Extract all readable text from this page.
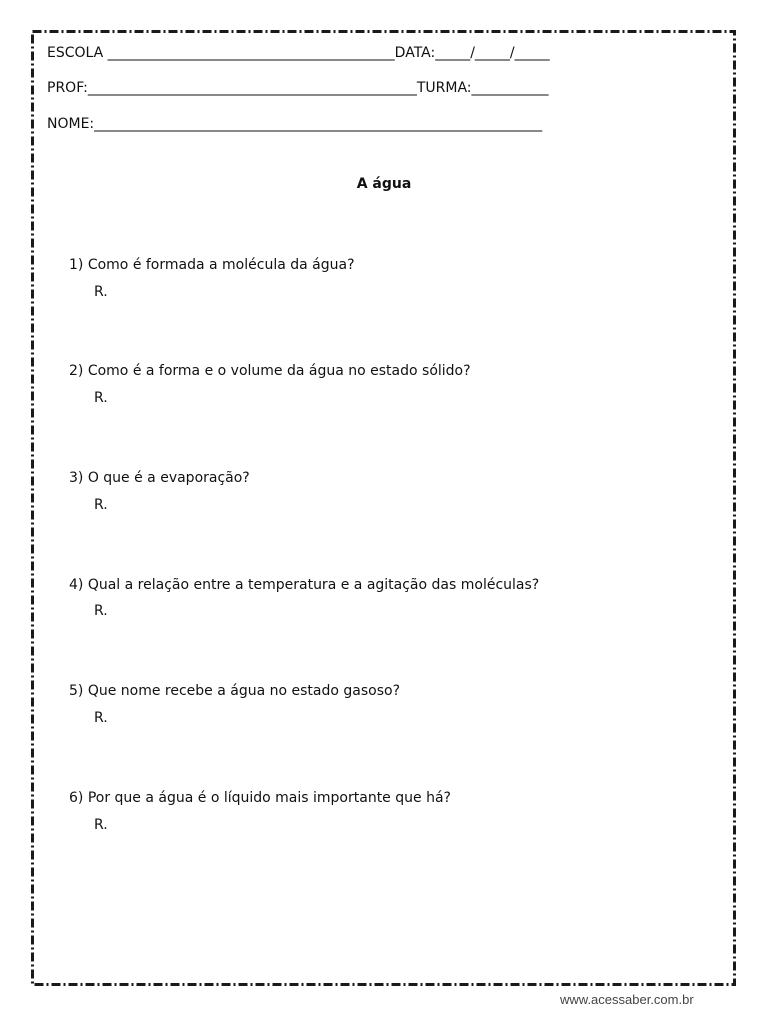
ESCOLA _________________________________________DATA:_____/_____/_____
PROF:_______________________________________________TURMA:___________
NOME:________________________________________________________________
A água
1) Como é formada a molécula da água?
R.
2) Como é a forma e o volume da água no estado sólido?
R.
3) O que é a evaporação?
R.
4) Qual a relação entre a temperatura e a agitação das moléculas?
R.
5) Que nome recebe a água no estado gasoso?
R.
6) Por que a água é o líquido mais importante que há?
R.
www.acessaber.com.br
